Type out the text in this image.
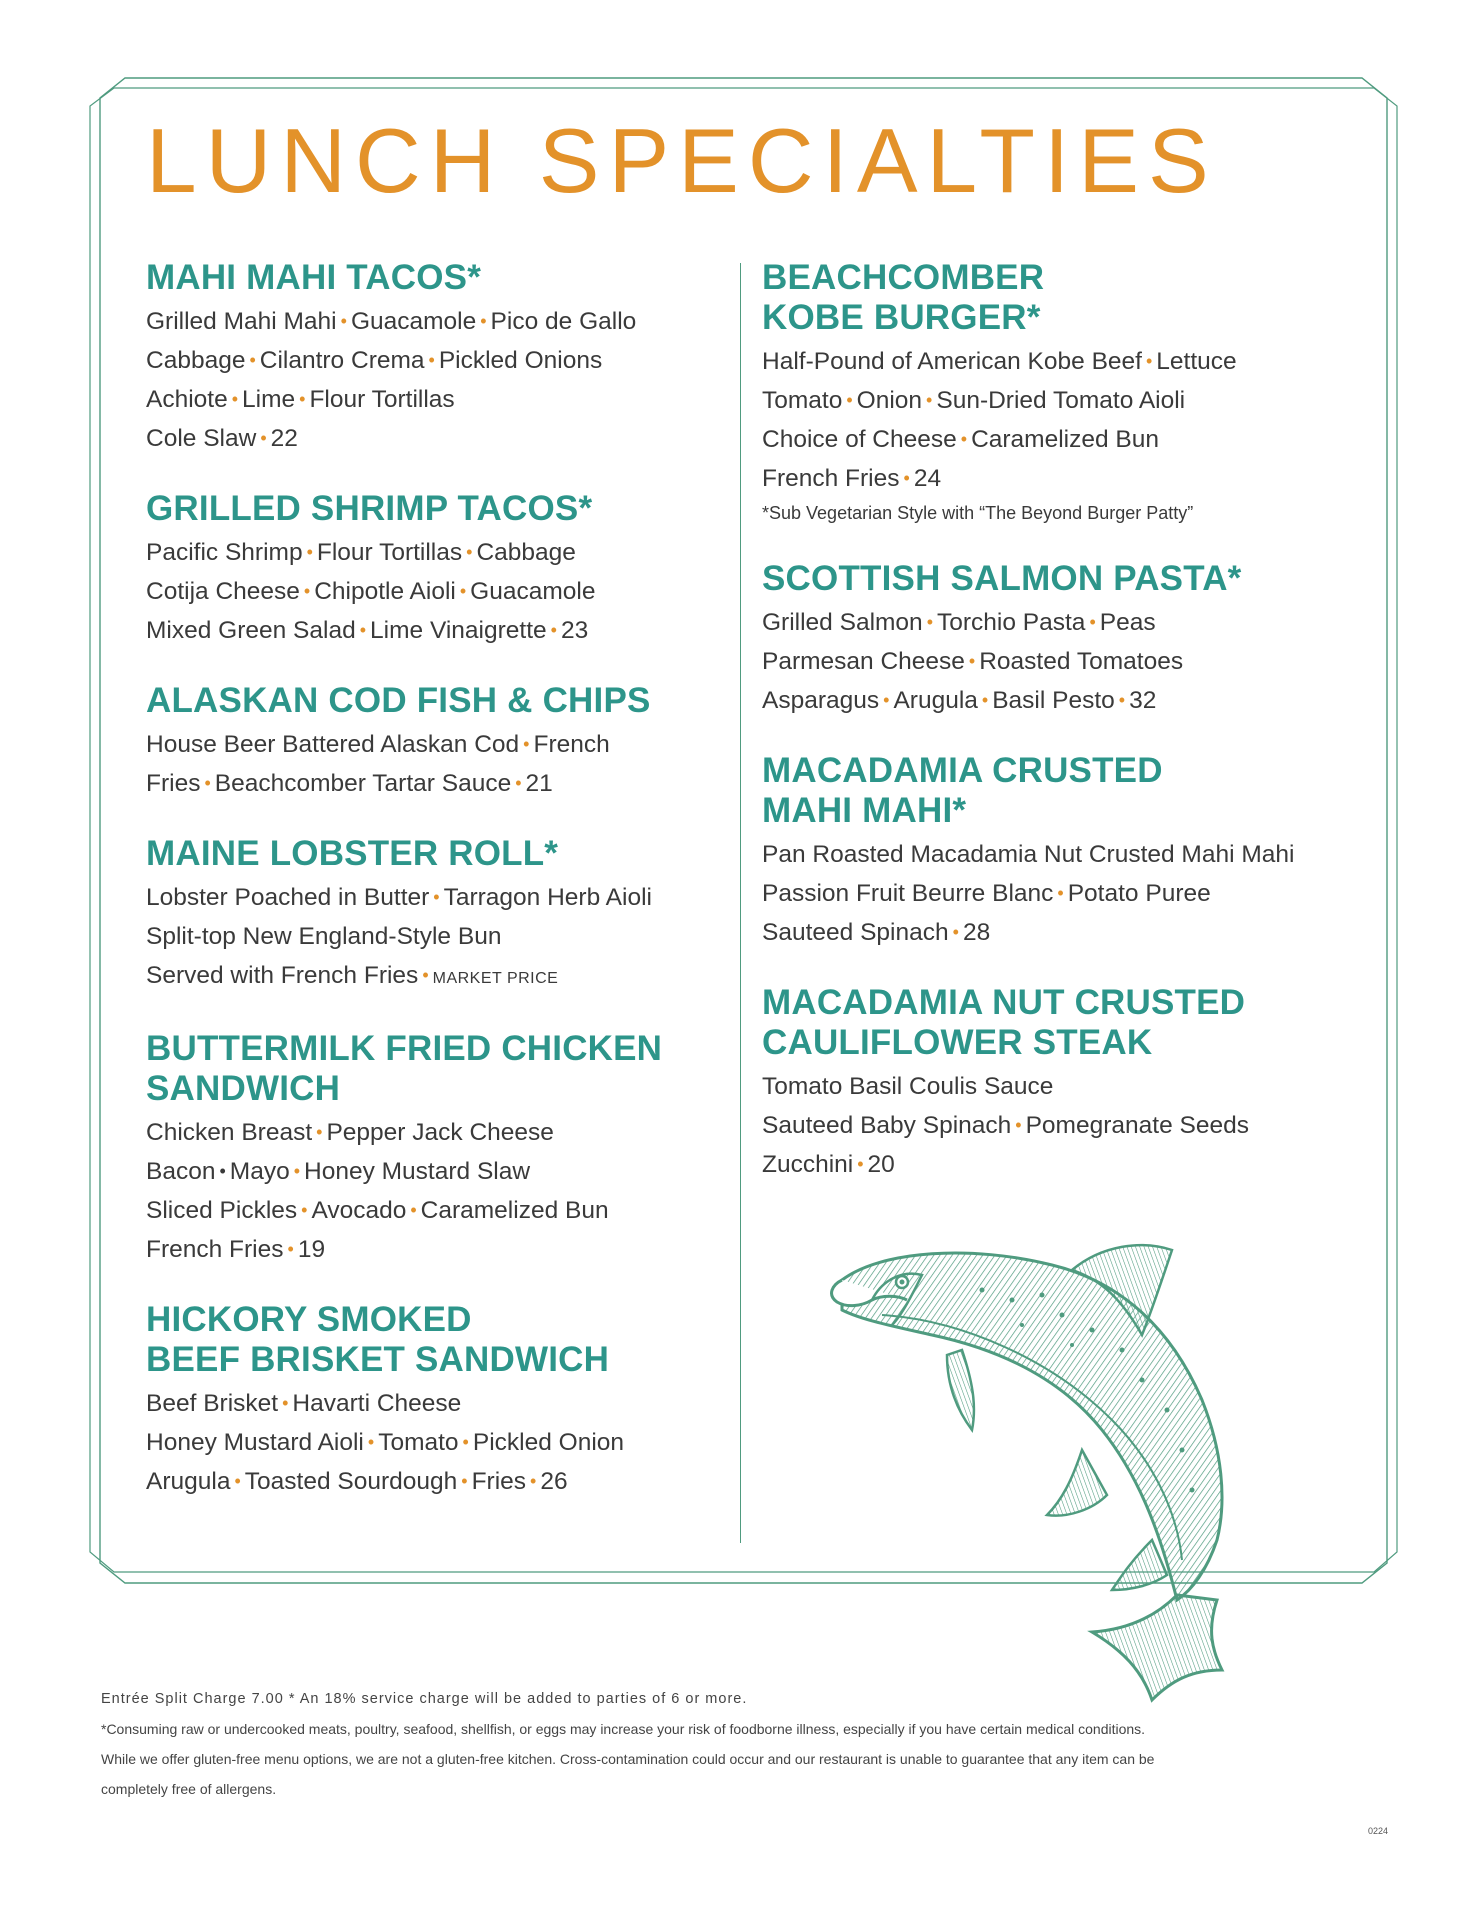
LUNCH SPECIALTIES
MAHI MAHI TACOS*
Grilled Mahi Mahi • Guacamole • Pico de Gallo
Cabbage • Cilantro Crema • Pickled Onions
Achiote • Lime • Flour Tortillas
Cole Slaw • 22
GRILLED SHRIMP TACOS*
Pacific Shrimp • Flour Tortillas • Cabbage
Cotija Cheese • Chipotle Aioli • Guacamole
Mixed Green Salad • Lime Vinaigrette • 23
ALASKAN COD FISH & CHIPS
House Beer Battered Alaskan Cod • French
Fries • Beachcomber Tartar Sauce • 21
MAINE LOBSTER ROLL*
Lobster Poached in Butter • Tarragon Herb Aioli
Split-top New England-Style Bun
Served with French Fries • MARKET PRICE
BUTTERMILK FRIED CHICKEN
SANDWICH
Chicken Breast • Pepper Jack Cheese
Bacon • Mayo • Honey Mustard Slaw
Sliced Pickles • Avocado • Caramelized Bun
French Fries • 19
HICKORY SMOKED
BEEF BRISKET SANDWICH
Beef Brisket • Havarti Cheese
Honey Mustard Aioli • Tomato • Pickled Onion
Arugula • Toasted Sourdough • Fries • 26
BEACHCOMBER
KOBE BURGER*
Half-Pound of American Kobe Beef • Lettuce
Tomato • Onion • Sun-Dried Tomato Aioli
Choice of Cheese • Caramelized Bun
French Fries • 24
*Sub Vegetarian Style with “The Beyond Burger Patty”
SCOTTISH SALMON PASTA*
Grilled Salmon • Torchio Pasta • Peas
Parmesan Cheese • Roasted Tomatoes
Asparagus • Arugula • Basil Pesto • 32
MACADAMIA CRUSTED
MAHI MAHI*
Pan Roasted Macadamia Nut Crusted Mahi Mahi
Passion Fruit Beurre Blanc • Potato Puree
Sauteed Spinach • 28
MACADAMIA NUT CRUSTED
CAULIFLOWER STEAK
Tomato Basil Coulis Sauce
Sauteed Baby Spinach • Pomegranate Seeds
Zucchini • 20
Entrée Split Charge 7.00 * An 18% service charge will be added to parties of 6 or more.
*Consuming raw or undercooked meats, poultry, seafood, shellfish, or eggs may increase your risk of foodborne illness, especially if you have certain medical conditions.
While we offer gluten-free menu options, we are not a gluten-free kitchen. Cross-contamination could occur and our restaurant is unable to guarantee that any item can be
completely free of allergens.
0224
